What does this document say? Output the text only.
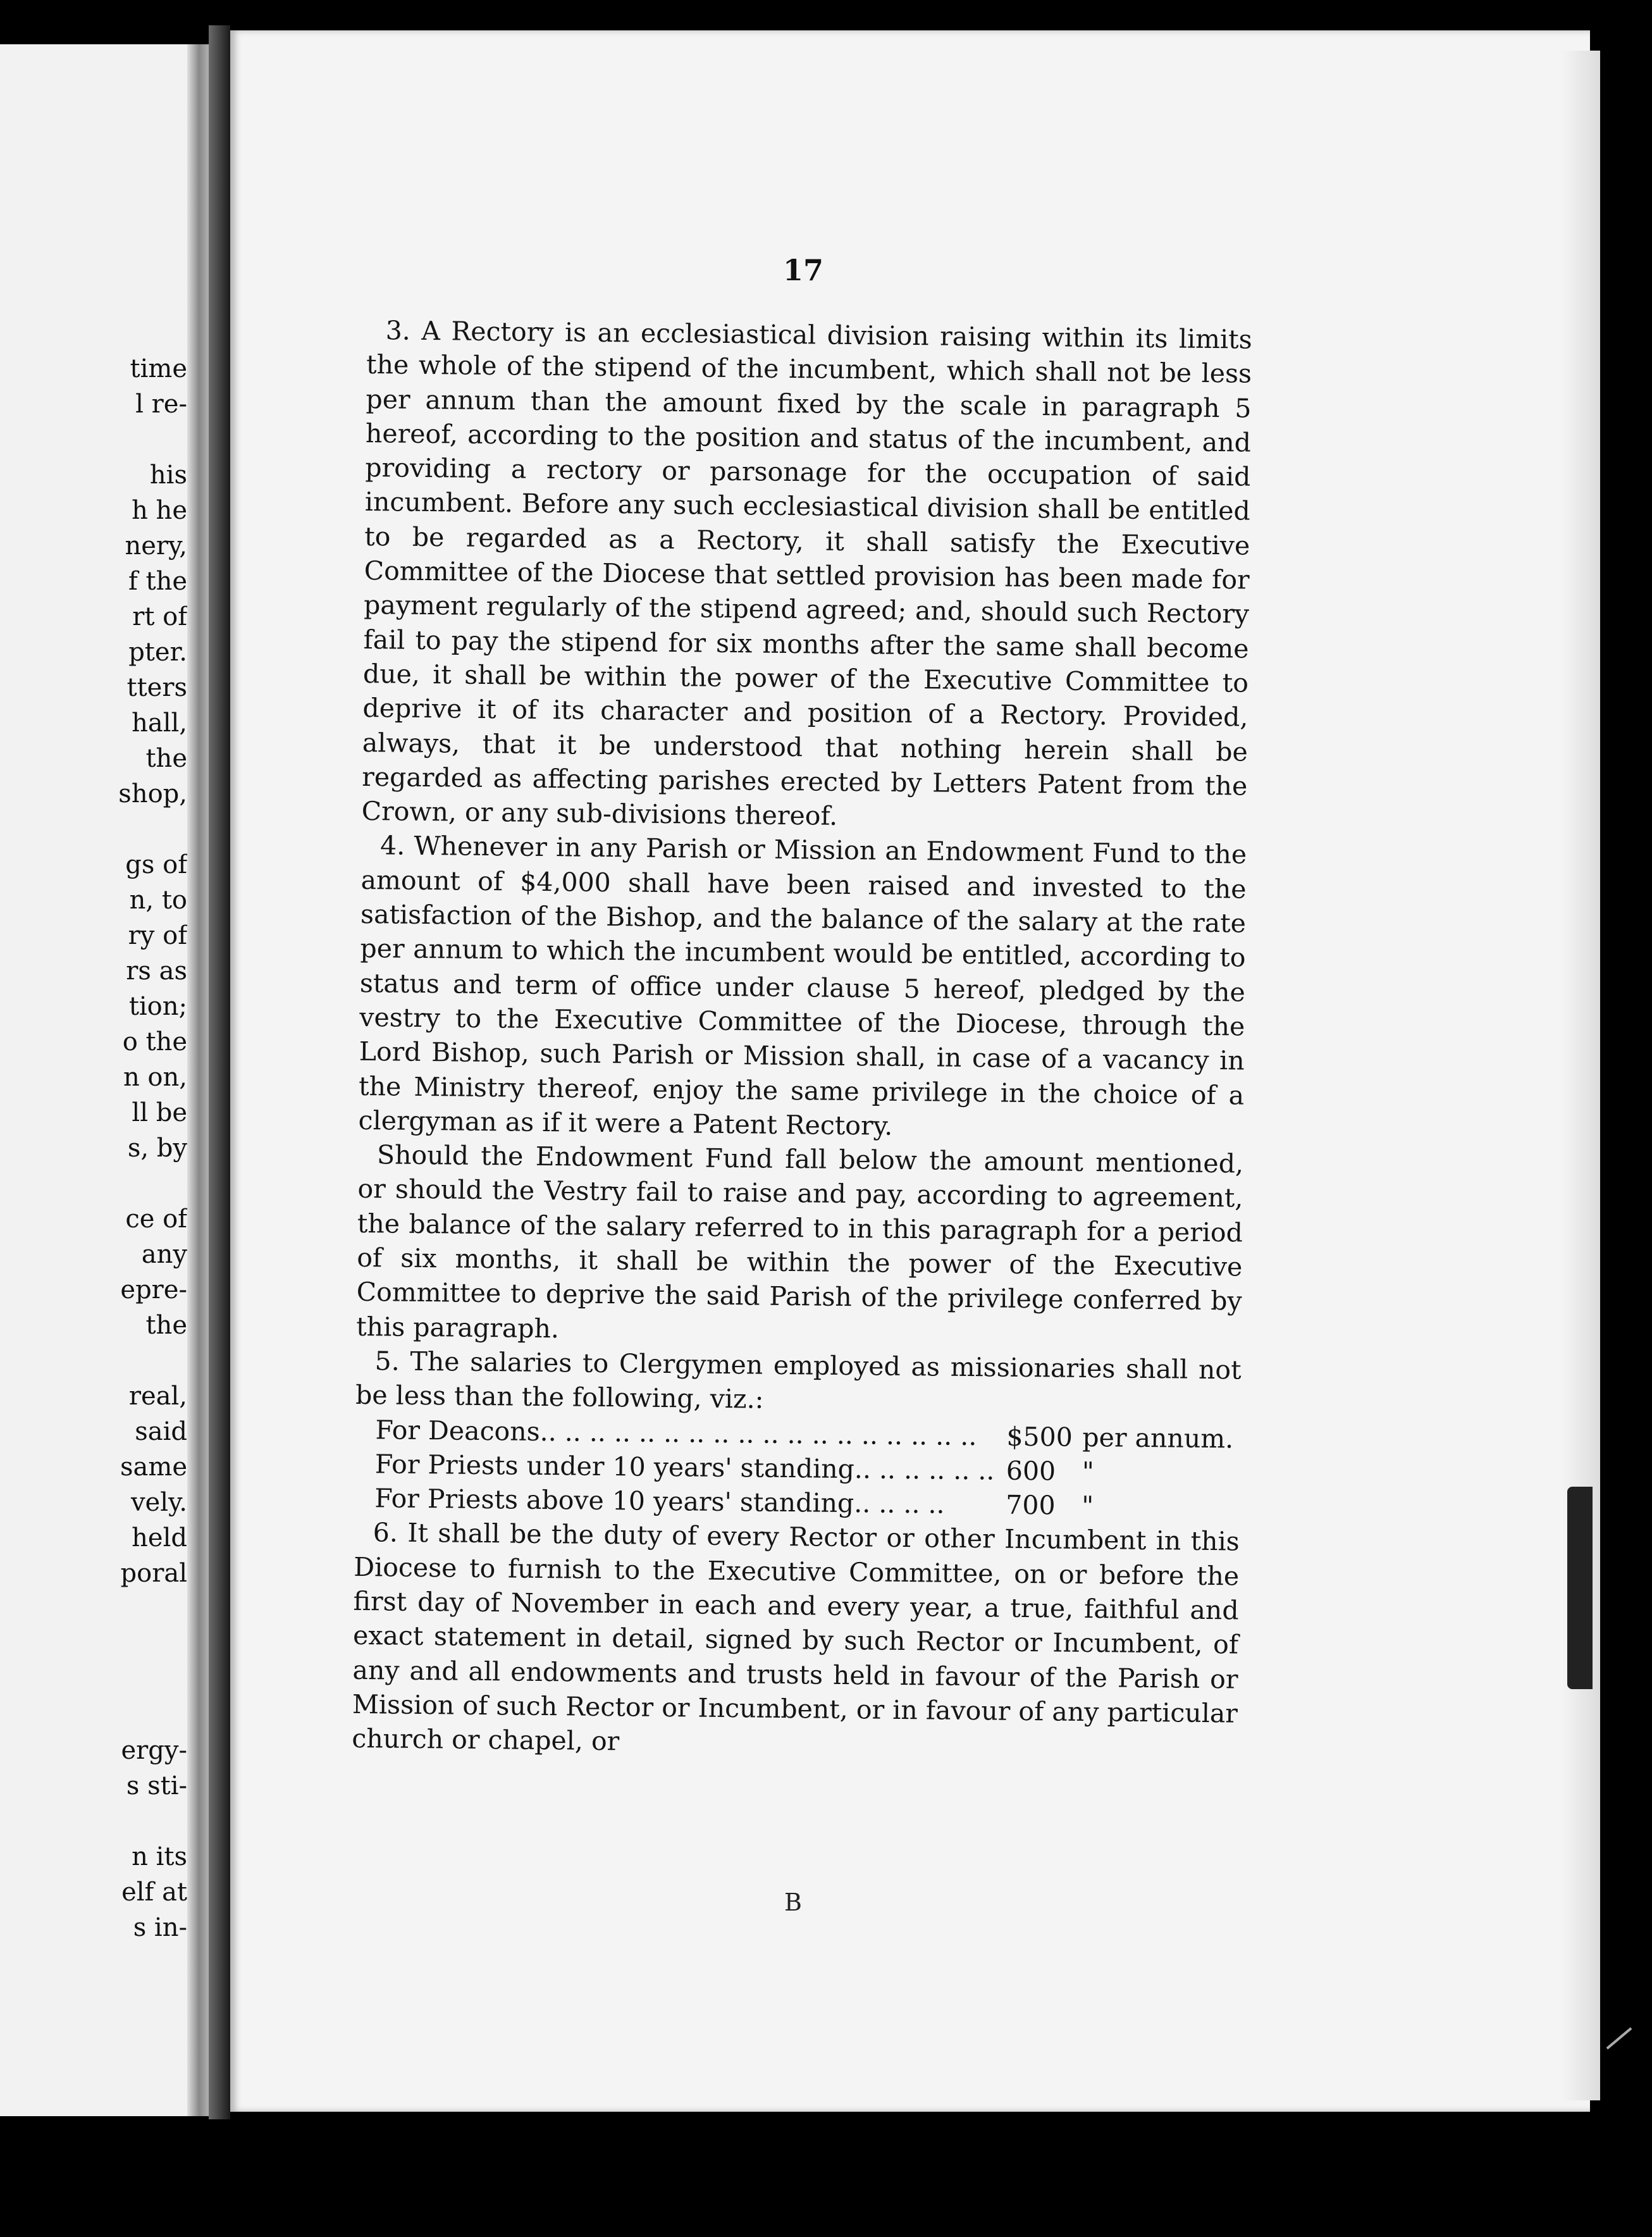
time
l re-
his
h he
nery,
f the
rt of
pter.
tters
hall,
the
shop,
gs of
n, to
ry of
rs as
tion;
o the
n on,
ll be
s, by
ce of
any
epre-
the
real,
said
same
vely.
held
poral
ergy-
s sti-
n its
elf at
s in-
17

3. A Rectory is an ecclesiastical division raising within its limits the whole of the stipend of the incumbent, which shall not be less per annum than the amount fixed by the scale in paragraph 5 hereof, according to the position and status of the incumbent, and providing a rectory or parsonage for the occupation of said incumbent. Before any such ecclesiastical division shall be entitled to be regarded as a Rectory, it shall satisfy the Executive Committee of the Diocese that settled provision has been made for payment regularly of the stipend agreed; and, should such Rectory fail to pay the stipend for six months after the same shall become due, it shall be within the power of the Executive Committee to deprive it of its character and position of a Rectory. Provided, always, that it be understood that nothing herein shall be regarded as affecting parishes erected by Letters Patent from the Crown, or any sub-divisions thereof.

4. Whenever in any Parish or Mission an Endowment Fund to the amount of $4,000 shall have been raised and invested to the satisfaction of the Bishop, and the balance of the salary at the rate per annum to which the incumbent would be entitled, according to status and term of office under clause 5 hereof, pledged by the vestry to the Executive Committee of the Diocese, through the Lord Bishop, such Parish or Mission shall, in case of a vacancy in the Ministry thereof, enjoy the same privilege in the choice of a clergyman as if it were a Patent Rectory.

Should the Endowment Fund fall below the amount mentioned, or should the Vestry fail to raise and pay, according to agreement, the balance of the salary referred to in this paragraph for a period of six months, it shall be within the power of the Executive Committee to deprive the said Parish of the privilege conferred by this paragraph.

5. The salaries to Clergymen employed as missionaries shall not be less than the following, viz.:

For Deacons.. .. .. .. .. .. .. .. .. .. .. .. .. .. .. .. .. ..	$500 per annum.
For Priests under 10 years' standing.. .. .. .. .. .. 600	"
For Priests above 10 years' standing.. .. .. ..	700	"

6. It shall be the duty of every Rector or other Incumbent in this Diocese to furnish to the Executive Committee, on or before the first day of November in each and every year, a true, faithful and exact statement in detail, signed by such Rector or Incumbent, of any and all endowments and trusts held in favour of the Parish or Mission of such Rector or Incumbent, or in favour of any particular church or chapel, or

B
